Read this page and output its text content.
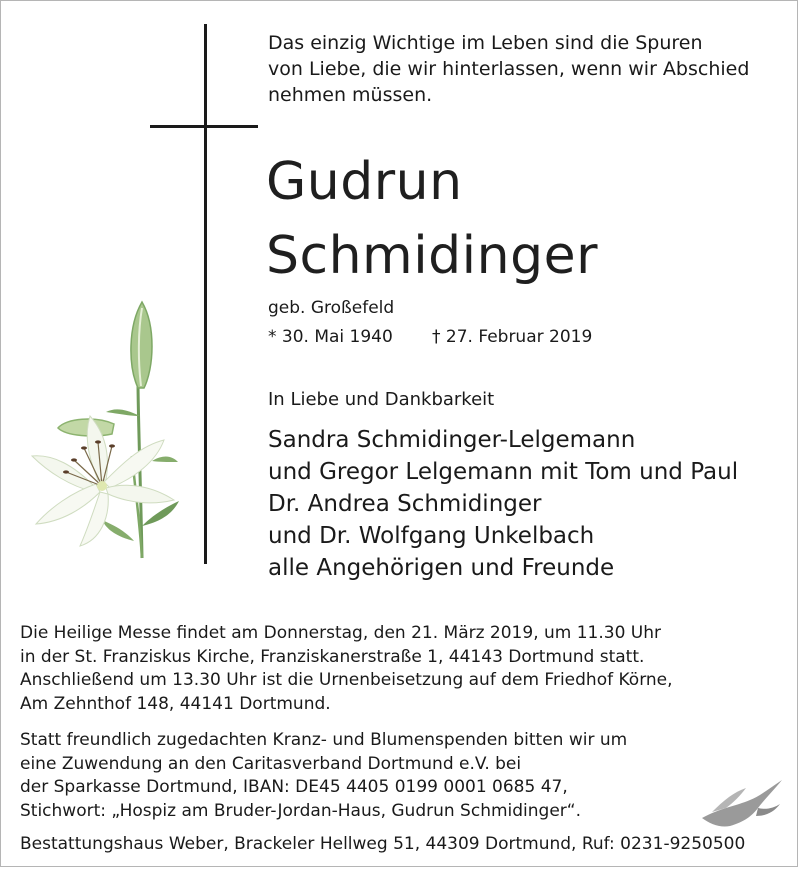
Das einzig Wichtige im Leben sind die Spuren
von Liebe, die wir hinterlassen, wenn wir Abschied
nehmen müssen.
Gudrun
Schmidinger
geb. Großefeld
* 30. Mai 1940 † 27. Februar 2019
In Liebe und Dankbarkeit
Sandra Schmidinger-Lelgemann
und Gregor Lelgemann mit Tom und Paul
Dr. Andrea Schmidinger
und Dr. Wolfgang Unkelbach
alle Angehörigen und Freunde
Die Heilige Messe findet am Donnerstag, den 21. März 2019, um 11.30 Uhr
in der St. Franziskus Kirche, Franziskanerstraße 1, 44143 Dortmund statt.
Anschließend um 13.30 Uhr ist die Urnenbeisetzung auf dem Friedhof Körne,
Am Zehnthof 148, 44141 Dortmund.
Statt freundlich zugedachten Kranz- und Blumenspenden bitten wir um
eine Zuwendung an den Caritasverband Dortmund e.V. bei
der Sparkasse Dortmund, IBAN: DE45 4405 0199 0001 0685 47,
Stichwort: „Hospiz am Bruder-Jordan-Haus, Gudrun Schmidinger“.
Bestattungshaus Weber, Brackeler Hellweg 51, 44309 Dortmund, Ruf: 0231-9250500
